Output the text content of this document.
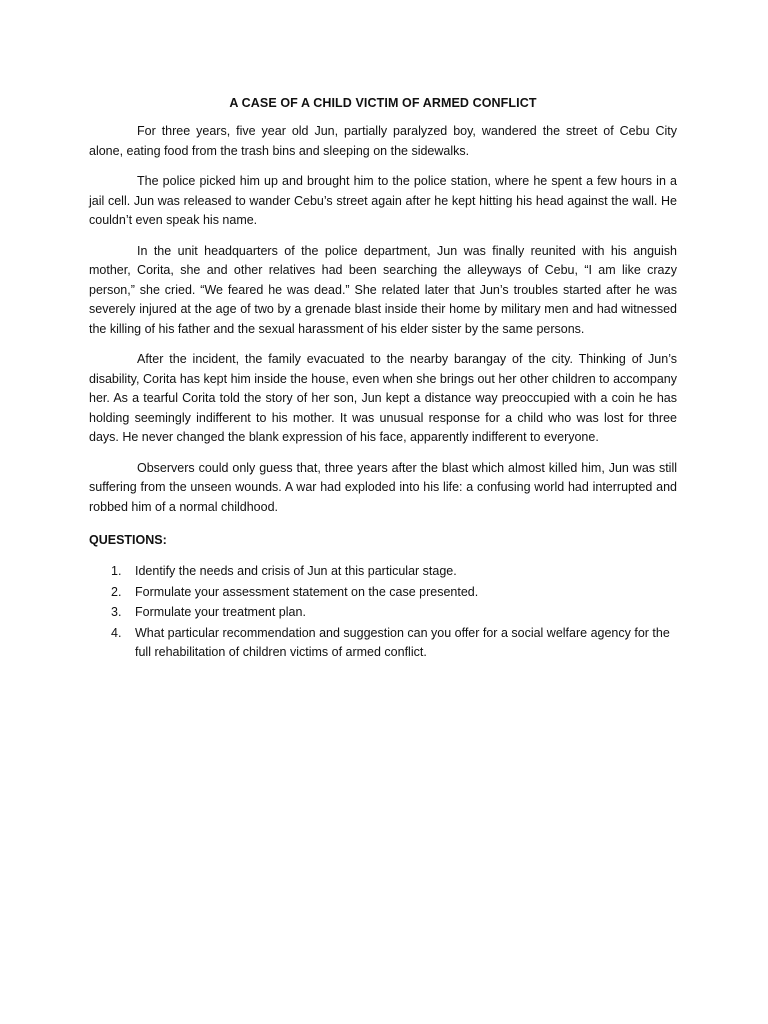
A CASE OF A CHILD VICTIM OF ARMED CONFLICT

For three years, five year old Jun, partially paralyzed boy, wandered the street of Cebu City alone, eating food from the trash bins and sleeping on the sidewalks.

The police picked him up and brought him to the police station, where he spent a few hours in a jail cell. Jun was released to wander Cebu’s street again after he kept hitting his head against the wall. He couldn’t even speak his name.

In the unit headquarters of the police department, Jun was finally reunited with his anguish mother, Corita, she and other relatives had been searching the alleyways of Cebu, “I am like crazy person,” she cried. “We feared he was dead.” She related later that Jun’s troubles started after he was severely injured at the age of two by a grenade blast inside their home by military men and had witnessed the killing of his father and the sexual harassment of his elder sister by the same persons.

After the incident, the family evacuated to the nearby barangay of the city. Thinking of Jun’s disability, Corita has kept him inside the house, even when she brings out her other children to accompany her. As a tearful Corita told the story of her son, Jun kept a distance way preoccupied with a coin he has holding seemingly indifferent to his mother. It was unusual response for a child who was lost for three days. He never changed the blank expression of his face, apparently indifferent to everyone.

Observers could only guess that, three years after the blast which almost killed him, Jun was still suffering from the unseen wounds. A war had exploded into his life: a confusing world had interrupted and robbed him of a normal childhood.

QUESTIONS:
1. Identify the needs and crisis of Jun at this particular stage.
2. Formulate your assessment statement on the case presented.
3. Formulate your treatment plan.
4. What particular recommendation and suggestion can you offer for a social welfare agency for the full rehabilitation of children victims of armed conflict.
